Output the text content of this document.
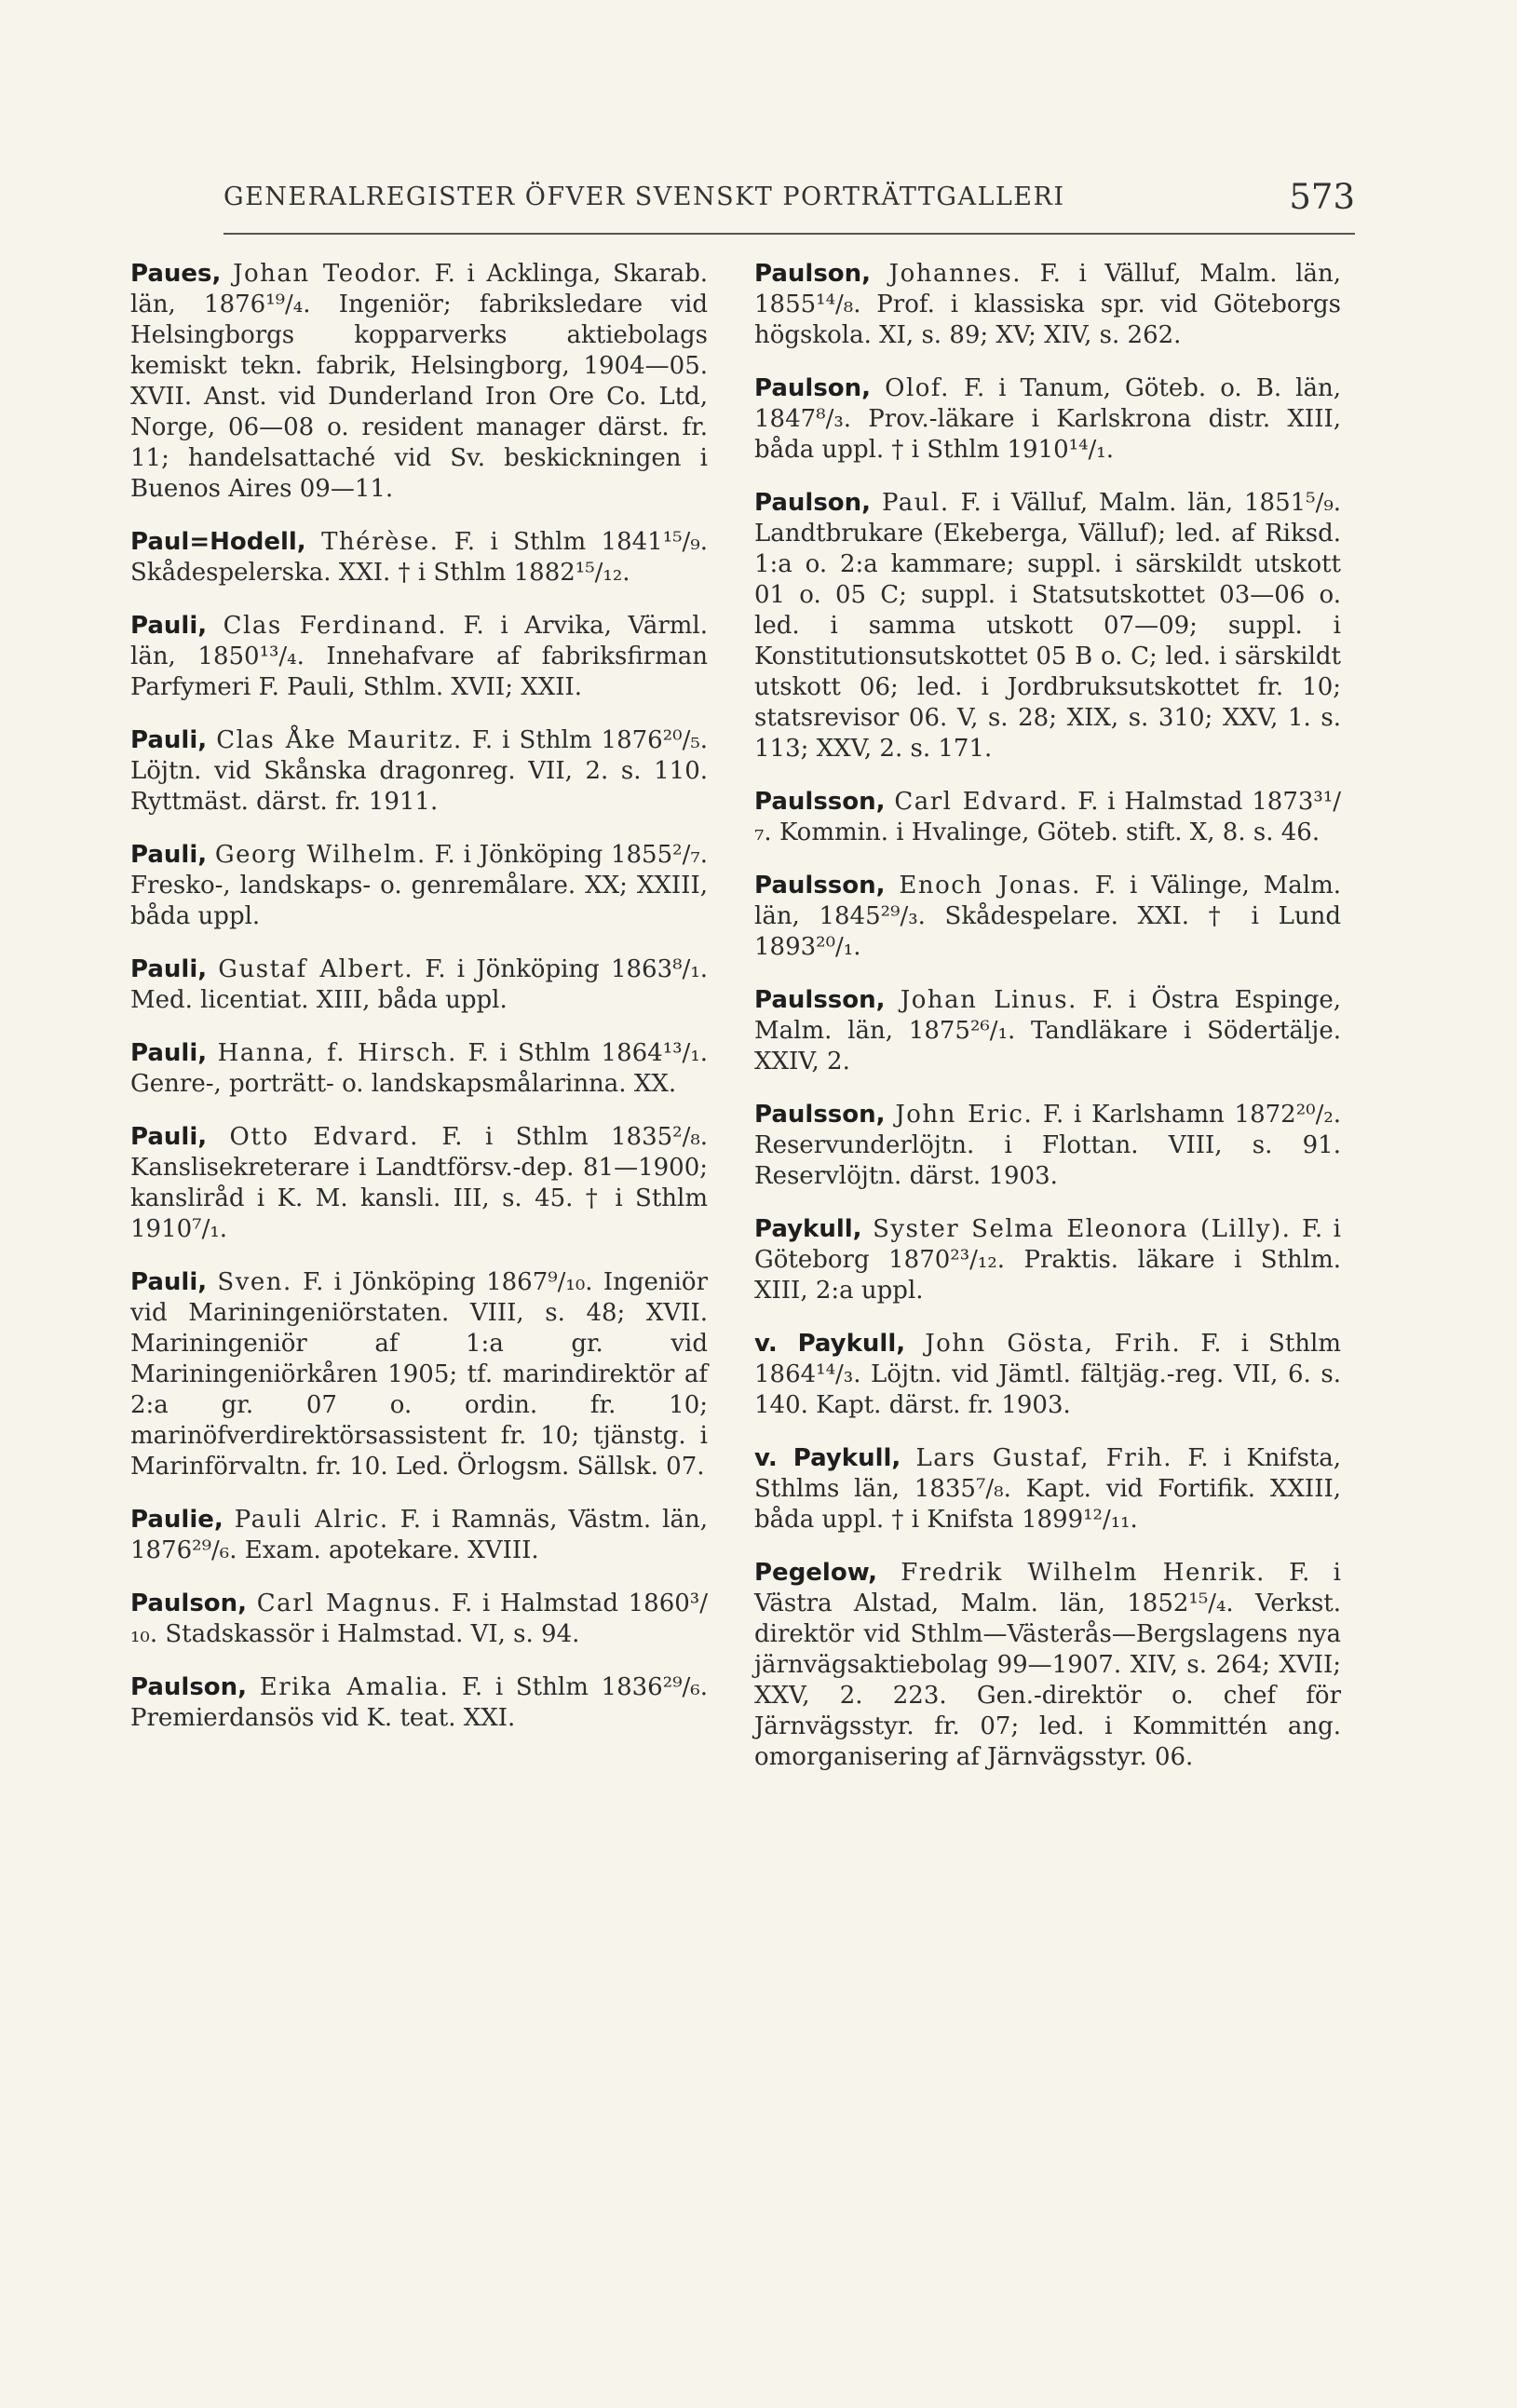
GENERALREGISTER ÖFVER SVENSKT PORTRÄTTGALLERI	573
Paues, Johan Teodor. F. i Acklinga, Skarab. län, 1876¹⁹/₄. Ingeniör; fabriksledare vid Helsingborgs kopparverks aktiebolags kemiskt tekn. fabrik, Helsingborg, 1904—05. XVII. Anst. vid Dunderland Iron Ore Co. Ltd, Norge, 06—08 o. resident manager därst. fr. 11; handelsattaché vid Sv. beskickningen i Buenos Aires 09—11.
Paul=Hodell, Thérèse. F. i Sthlm 1841¹⁵/₉. Skådespelerska. XXI. † i Sthlm 1882¹⁵/₁₂.
Pauli, Clas Ferdinand. F. i Arvika, Värml. län, 1850¹³/₄. Innehafvare af fabriksfirman Parfymeri F. Pauli, Sthlm. XVII; XXII.
Pauli, Clas Åke Mauritz. F. i Sthlm 1876²⁰/₅. Löjtn. vid Skånska dragonreg. VII, 2. s. 110. Ryttmäst. därst. fr. 1911.
Pauli, Georg Wilhelm. F. i Jönköping 1855²/₇. Fresko-, landskaps- o. genremålare. XX; XXIII, båda uppl.
Pauli, Gustaf Albert. F. i Jönköping 1863⁸/₁. Med. licentiat. XIII, båda uppl.
Pauli, Hanna, f. Hirsch. F. i Sthlm 1864¹³/₁. Genre-, porträtt- o. landskapsmålarinna. XX.
Pauli, Otto Edvard. F. i Sthlm 1835²/₈. Kanslisekreterare i Landtförsv.-dep. 81—1900; kansliråd i K. M. kansli. III, s. 45. † i Sthlm 1910⁷/₁.
Pauli, Sven. F. i Jönköping 1867⁹/₁₀. Ingeniör vid Mariningeniörstaten. VIII, s. 48; XVII. Mariningeniör af 1:a gr. vid Mariningeniörkåren 1905; tf. marindirektör af 2:a gr. 07 o. ordin. fr. 10; marinöfverdirektörsassistent fr. 10; tjänstg. i Marinförvaltn. fr. 10. Led. Örlogsm. Sällsk. 07.
Paulie, Pauli Alric. F. i Ramnäs, Västm. län, 1876²⁹/₆. Exam. apotekare. XVIII.
Paulson, Carl Magnus. F. i Halmstad 1860³/₁₀. Stadskassör i Halmstad. VI, s. 94.
Paulson, Erika Amalia. F. i Sthlm 1836²⁹/₆. Premierdansös vid K. teat. XXI.
Paulson, Johannes. F. i Välluf, Malm. län, 1855¹⁴/₈. Prof. i klassiska spr. vid Göteborgs högskola. XI, s. 89; XV; XIV, s. 262.
Paulson, Olof. F. i Tanum, Göteb. o. B. län, 1847⁸/₃. Prov.-läkare i Karlskrona distr. XIII, båda uppl. † i Sthlm 1910¹⁴/₁.
Paulson, Paul. F. i Välluf, Malm. län, 1851⁵/₉. Landtbrukare (Ekeberga, Välluf); led. af Riksd. 1:a o. 2:a kammare; suppl. i särskildt utskott 01 o. 05 C; suppl. i Statsutskottet 03—06 o. led. i samma utskott 07—09; suppl. i Konstitutionsutskottet 05 B o. C; led. i särskildt utskott 06; led. i Jordbruksutskottet fr. 10; statsrevisor 06. V, s. 28; XIX, s. 310; XXV, 1. s. 113; XXV, 2. s. 171.
Paulsson, Carl Edvard. F. i Halmstad 1873³¹/₇. Kommin. i Hvalinge, Göteb. stift. X, 8. s. 46.
Paulsson, Enoch Jonas. F. i Välinge, Malm. län, 1845²⁹/₃. Skådespelare. XXI. † i Lund 1893²⁰/₁.
Paulsson, Johan Linus. F. i Östra Espinge, Malm. län, 1875²⁶/₁. Tandläkare i Södertälje. XXIV, 2.
Paulsson, John Eric. F. i Karlshamn 1872²⁰/₂. Reservunderlöjtn. i Flottan. VIII, s. 91. Reservlöjtn. därst. 1903.
Paykull, Syster Selma Eleonora (Lilly). F. i Göteborg 1870²³/₁₂. Praktis. läkare i Sthlm. XIII, 2:a uppl.
v. Paykull, John Gösta, Frih. F. i Sthlm 1864¹⁴/₃. Löjtn. vid Jämtl. fältjäg.-reg. VII, 6. s. 140. Kapt. därst. fr. 1903.
v. Paykull, Lars Gustaf, Frih. F. i Knifsta, Sthlms län, 1835⁷/₈. Kapt. vid Fortifik. XXIII, båda uppl. † i Knifsta 1899¹²/₁₁.
Pegelow, Fredrik Wilhelm Henrik. F. i Västra Alstad, Malm. län, 1852¹⁵/₄. Verkst. direktör vid Sthlm—Västerås—Bergslagens nya järnvägsaktiebolag 99—1907. XIV, s. 264; XVII; XXV, 2. 223. Gen.-direktör o. chef för Järnvägsstyr. fr. 07; led. i Kommittén ang. omorganisering af Järnvägsstyr. 06.
